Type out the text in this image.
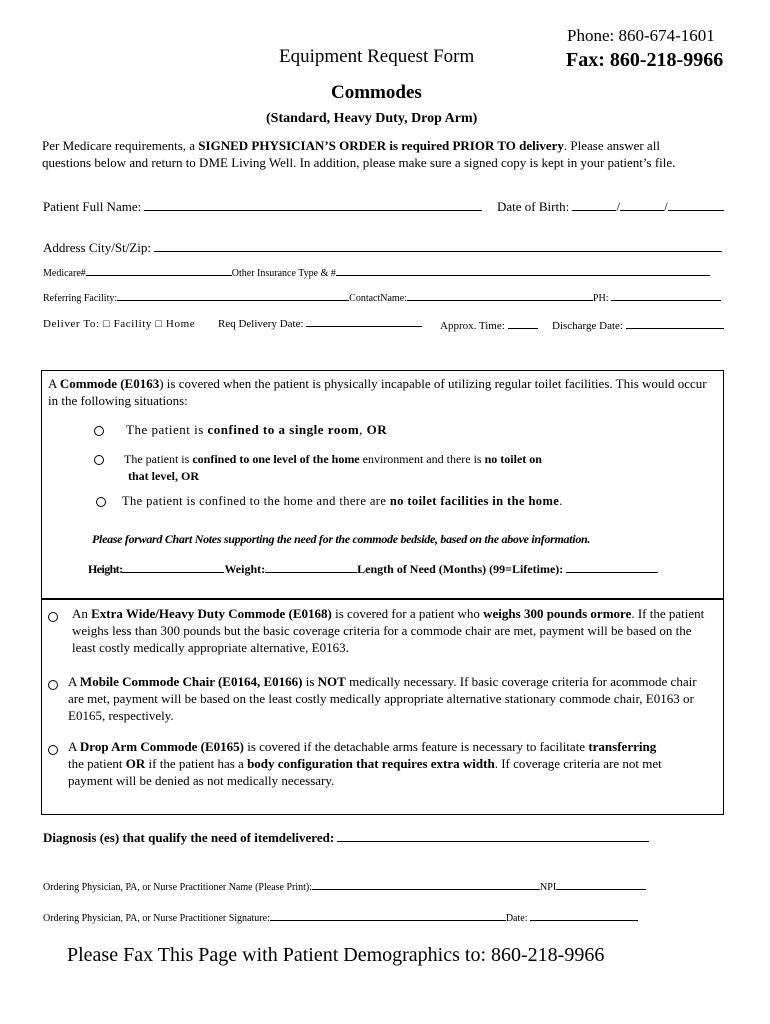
Phone: 860-674-1601
Fax: 860-218-9966
Equipment Request Form
Commodes
(Standard, Heavy Duty, Drop Arm)
Per Medicare requirements, a SIGNED PHYSICIAN’S ORDER is required PRIOR TO delivery. Please answer all questions below and return to DME Living Well. In addition, please make sure a signed copy is kept in your patient’s file.
Patient Full Name:	Date of Birth:	/	/
Address City/St/Zip:
Medicare#	Other Insurance Type & #
Referring Facility:	ContactName:	PH:
Deliver To: □ Facility □ Home Req Delivery Date:	Approx. Time:	Discharge Date:
A Commode (E0163) is covered when the patient is physically incapable of utilizing regular toilet facilities. This would occur in the following situations:
The patient is confined to a single room, OR
The patient is confined to one level of the home environment and there is no toilet on
that level, OR
The patient is confined to the home and there are no toilet facilities in the home.
Please forward Chart Notes supporting the need for the commode bedside, based on the above information.
Height:	Weight:	Length of Need (Months) (99=Lifetime):
An Extra Wide/Heavy Duty Commode (E0168) is covered for a patient who weighs 300 pounds ormore. If the patient weighs less than 300 pounds but the basic coverage criteria for a commode chair are met, payment will be based on the least costly medically appropriate alternative, E0163.
A Mobile Commode Chair (E0164, E0166) is NOT medically necessary. If basic coverage criteria for acommode chair are met, payment will be based on the least costly medically appropriate alternative stationary commode chair, E0163 or E0165, respectively.
A Drop Arm Commode (E0165) is covered if the detachable arms feature is necessary to facilitate transferring the patient OR if the patient has a body configuration that requires extra width. If coverage criteria are not met payment will be denied as not medically necessary.
Diagnosis (es) that qualify the need of itemdelivered:
Ordering Physician, PA, or Nurse Practitioner Name (Please Print):	NPI
Ordering Physician, PA, or Nurse Practitioner Signature:	Date:
Please Fax This Page with Patient Demographics to: 860-218-9966
